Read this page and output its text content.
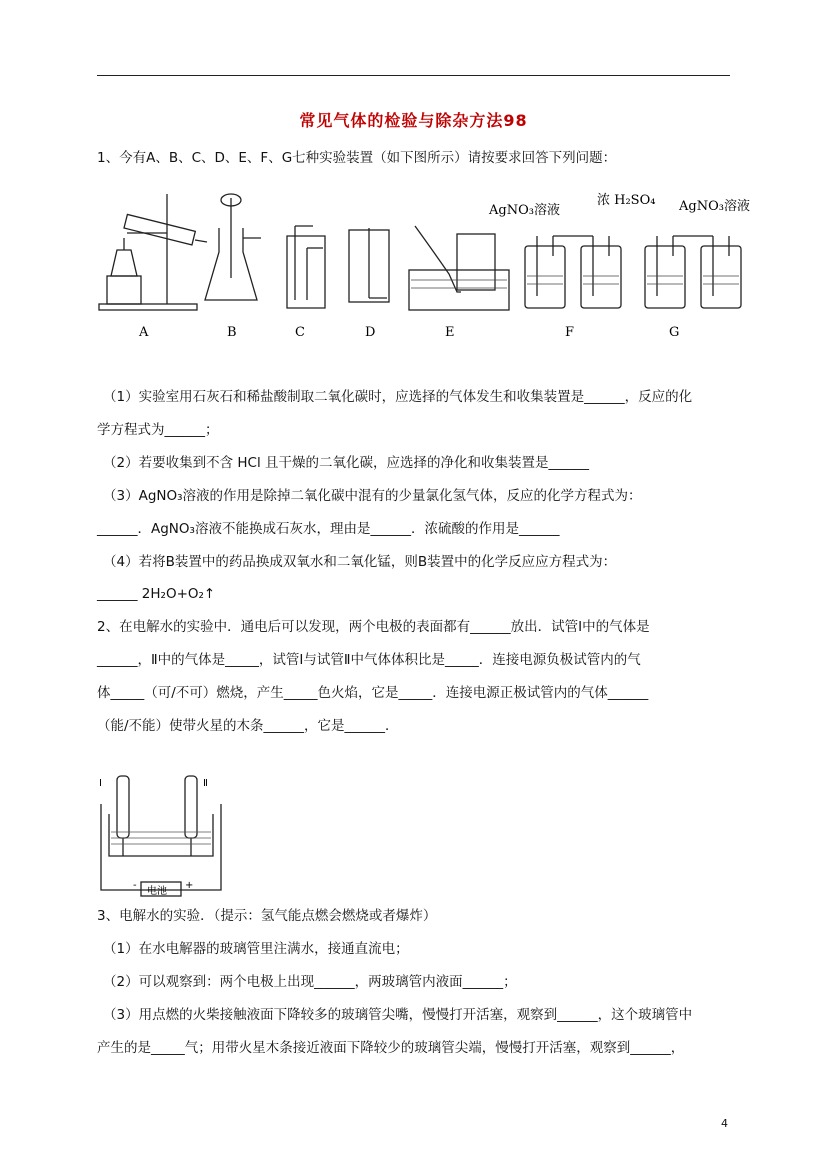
常见气体的检验与除杂方法98
1、今有A、B、C、D、E、F、G七种实验装置（如下图所示）请按要求回答下列问题：
AgNO₃溶液
浓 H₂SO₄ AgNO₃溶液
A	B	C	D	E	F	G
（1）实验室用石灰石和稀盐酸制取二氧化碳时，应选择的气体发生和收集装置是______，反应的化
学方程式为______；
（2）若要收集到不含 HCl 且干燥的二氧化碳，应选择的净化和收集装置是______
（3）AgNO₃溶液的作用是除掉二氧化碳中混有的少量氯化氢气体，反应的化学方程式为：
______．AgNO₃溶液不能换成石灰水，理由是______．浓硫酸的作用是______
（4）若将B装置中的药品换成双氧水和二氧化锰，则B装置中的化学反应应方程式为：
______ 2H₂O+O₂↑
2、在电解水的实验中．通电后可以发现，两个电极的表面都有______放出．试管Ⅰ中的气体是
______，Ⅱ中的气体是_____，试管Ⅰ与试管Ⅱ中气体体积比是_____．连接电源负极试管内的气
体_____（可/不可）燃烧，产生_____色火焰，它是_____．连接电源正极试管内的气体______
（能/不能）使带火星的木条______，它是______．
Ⅰ	Ⅱ
电池
-	+
3、电解水的实验．（提示：氢气能点燃会燃烧或者爆炸）
（1）在水电解器的玻璃管里注满水，接通直流电；
（2）可以观察到：两个电极上出现______，两玻璃管内液面______；
（3）用点燃的火柴接触液面下降较多的玻璃管尖嘴，慢慢打开活塞，观察到______，这个玻璃管中
产生的是_____气；用带火星木条接近液面下降较少的玻璃管尖端，慢慢打开活塞，观察到______，
4
